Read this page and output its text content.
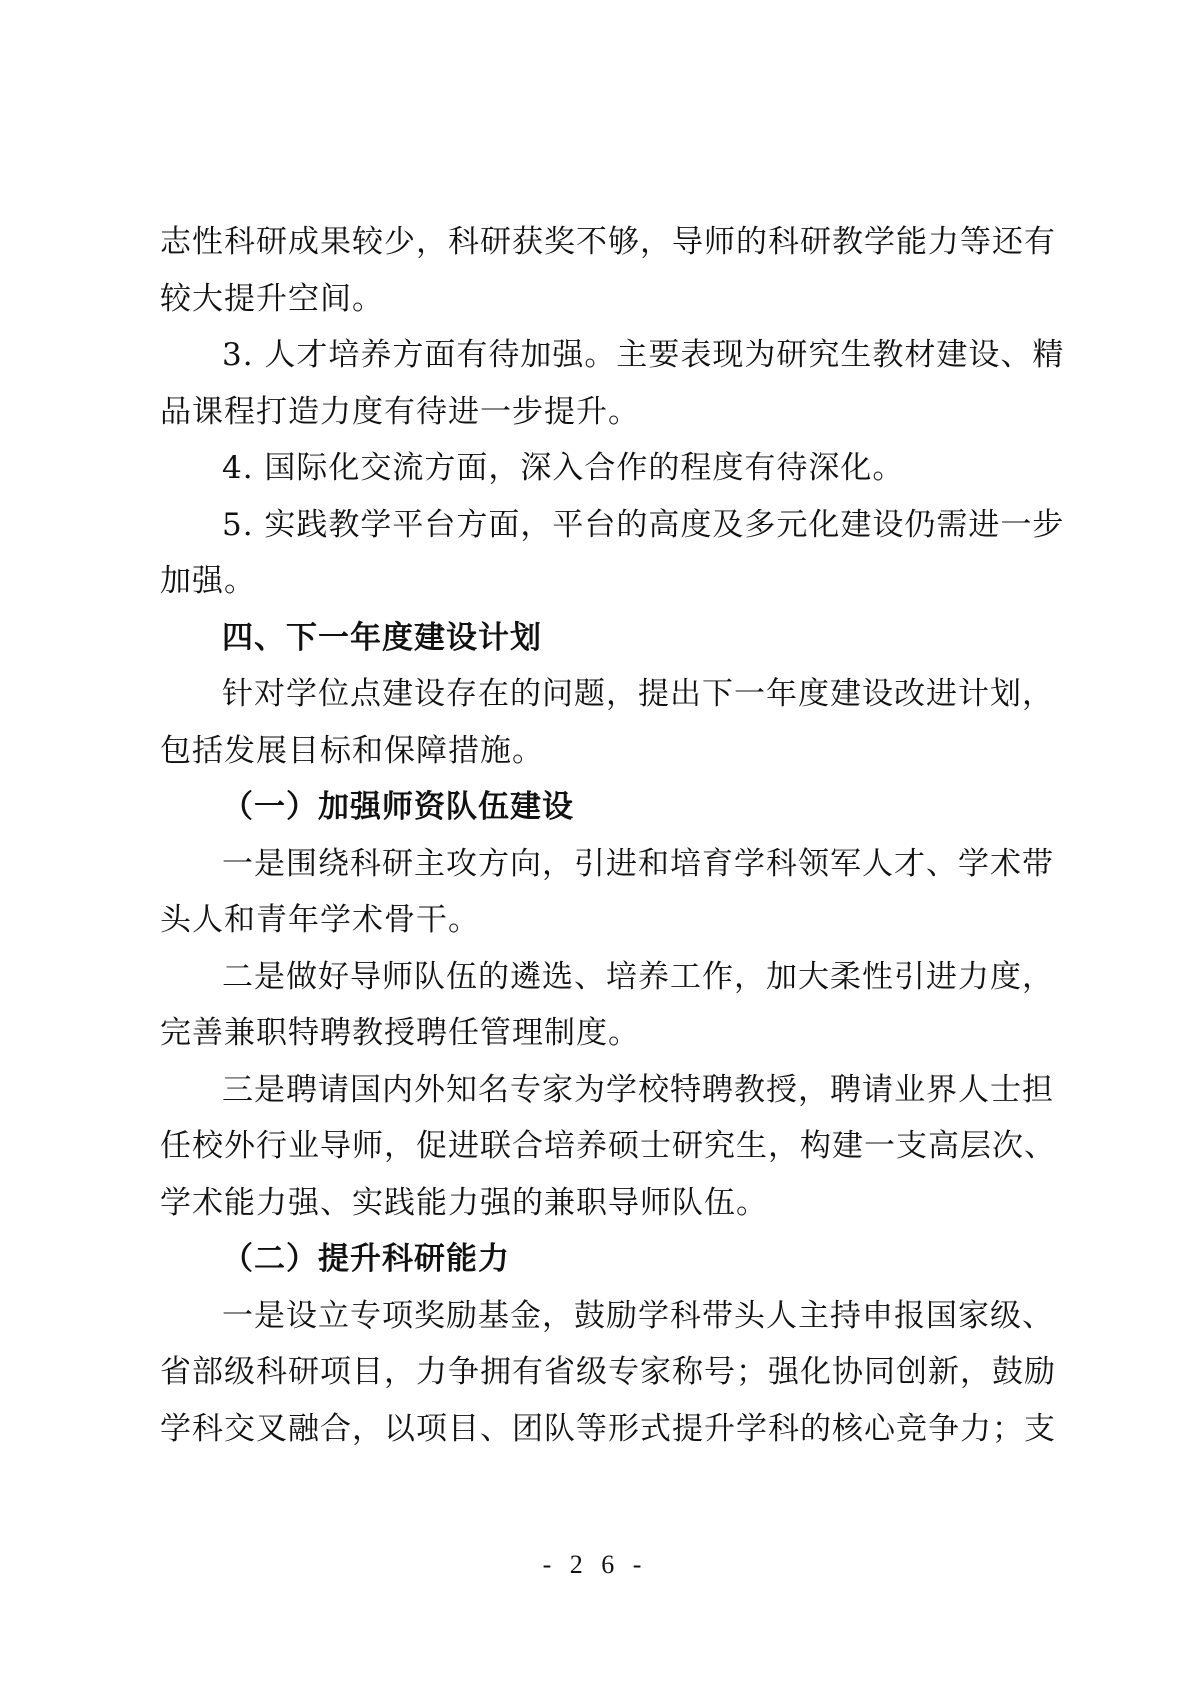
志性科研成果较少，科研获奖不够，导师的科研教学能力等还有
较大提升空间。
3. 人才培养方面有待加强。主要表现为研究生教材建设、精
品课程打造力度有待进一步提升。
4. 国际化交流方面，深入合作的程度有待深化。
5. 实践教学平台方面，平台的高度及多元化建设仍需进一步
加强。
四、下一年度建设计划
针对学位点建设存在的问题，提出下一年度建设改进计划，
包括发展目标和保障措施。
（一）加强师资队伍建设
一是围绕科研主攻方向，引进和培育学科领军人才、学术带
头人和青年学术骨干。
二是做好导师队伍的遴选、培养工作，加大柔性引进力度，
完善兼职特聘教授聘任管理制度。
三是聘请国内外知名专家为学校特聘教授，聘请业界人士担
任校外行业导师，促进联合培养硕士研究生，构建一支高层次、
学术能力强、实践能力强的兼职导师队伍。
（二）提升科研能力
一是设立专项奖励基金，鼓励学科带头人主持申报国家级、
省部级科研项目，力争拥有省级专家称号；强化协同创新，鼓励
学科交叉融合，以项目、团队等形式提升学科的核心竞争力；支
- 2 6 -
